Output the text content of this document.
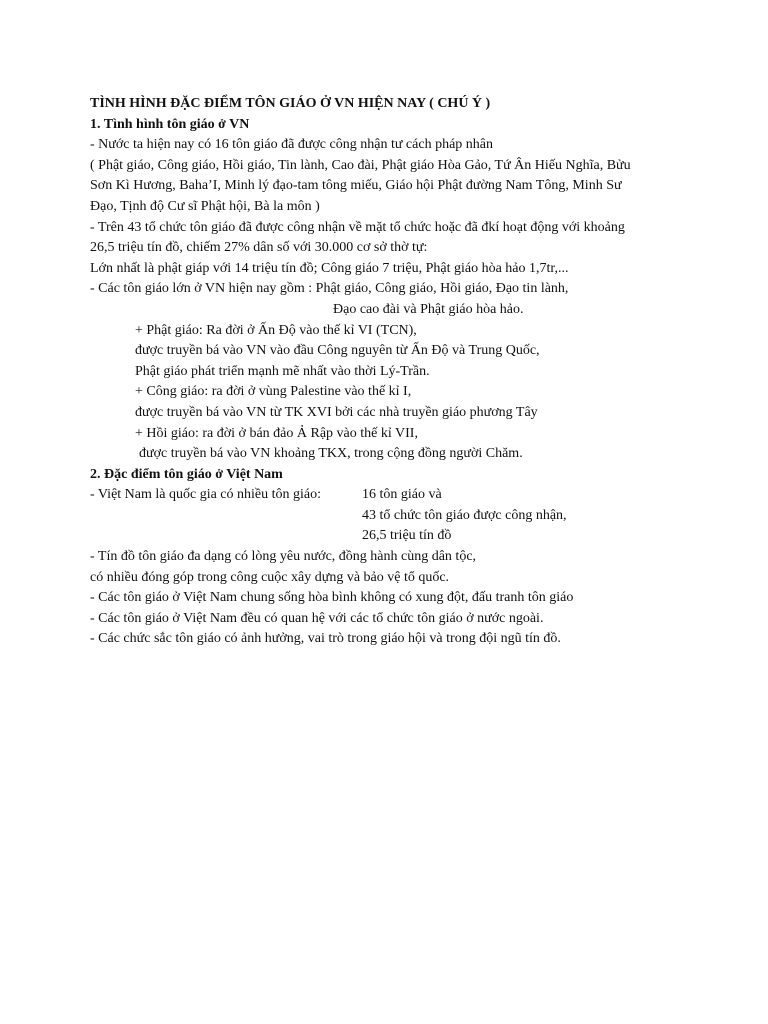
TÌNH HÌNH ĐẶC ĐIỂM TÔN GIÁO Ở VN HIỆN NAY ( CHÚ Ý )
1. Tình hình tôn giáo ở VN
- Nước ta hiện nay có 16 tôn giáo đã được công nhận tư cách pháp nhân
( Phật giáo, Công giáo, Hồi giáo, Tin lành, Cao đài, Phật giáo Hòa Gảo, Tứ Ân Hiếu Nghĩa, Bửu
Sơn Kì Hương, Baha’I, Minh lý đạo-tam tông miếu, Giáo hội Phật đường Nam Tông, Minh Sư
Đạo, Tịnh độ Cư sĩ Phật hội, Bà la môn )
- Trên 43 tổ chức tôn giáo đã được công nhận về mặt tổ chức hoặc đã đkí hoạt động với khoảng
26,5 triệu tín đồ, chiếm 27% dân số với 30.000 cơ sở thờ tự:
Lớn nhất là phật giáp với 14 triệu tín đồ; Công giáo 7 triệu, Phật giáo hòa hảo 1,7tr,...
- Các tôn giáo lớn ở VN hiện nay gồm : Phật giáo, Công giáo, Hồi giáo, Đạo tin lành,
Đạo cao đài và Phật giáo hòa hảo.
+ Phật giáo: Ra đời ở Ấn Độ vào thế kỉ VI (TCN),
được truyền bá vào VN vào đầu Công nguyên từ Ấn Độ và Trung Quốc,
Phật giáo phát triển mạnh mẽ nhất vào thời Lý-Trần.
+ Công giáo: ra đời ở vùng Palestine vào thế kỉ I,
được truyền bá vào VN từ TK XVI bởi các nhà truyền giáo phương Tây
+ Hồi giáo: ra đời ở bán đảo Ả Rập vào thế kỉ VII,
được truyền bá vào VN khoảng TKX, trong cộng đồng người Chăm.
2. Đặc điểm tôn giáo ở Việt Nam
- Việt Nam là quốc gia có nhiều tôn giáo:	16 tôn giáo và
43 tổ chức tôn giáo được công nhận,
26,5 triệu tín đồ
- Tín đồ tôn giáo đa dạng có lòng yêu nước, đồng hành cùng dân tộc,
có nhiều đóng góp trong công cuộc xây dựng và bảo vệ tổ quốc.
- Các tôn giáo ở Việt Nam chung sống hòa bình không có xung đột, đấu tranh tôn giáo
- Các tôn giáo ở Việt Nam đều có quan hệ với các tổ chức tôn giáo ở nước ngoài.
- Các chức sắc tôn giáo có ảnh hưởng, vai trò trong giáo hội và trong đội ngũ tín đồ.
